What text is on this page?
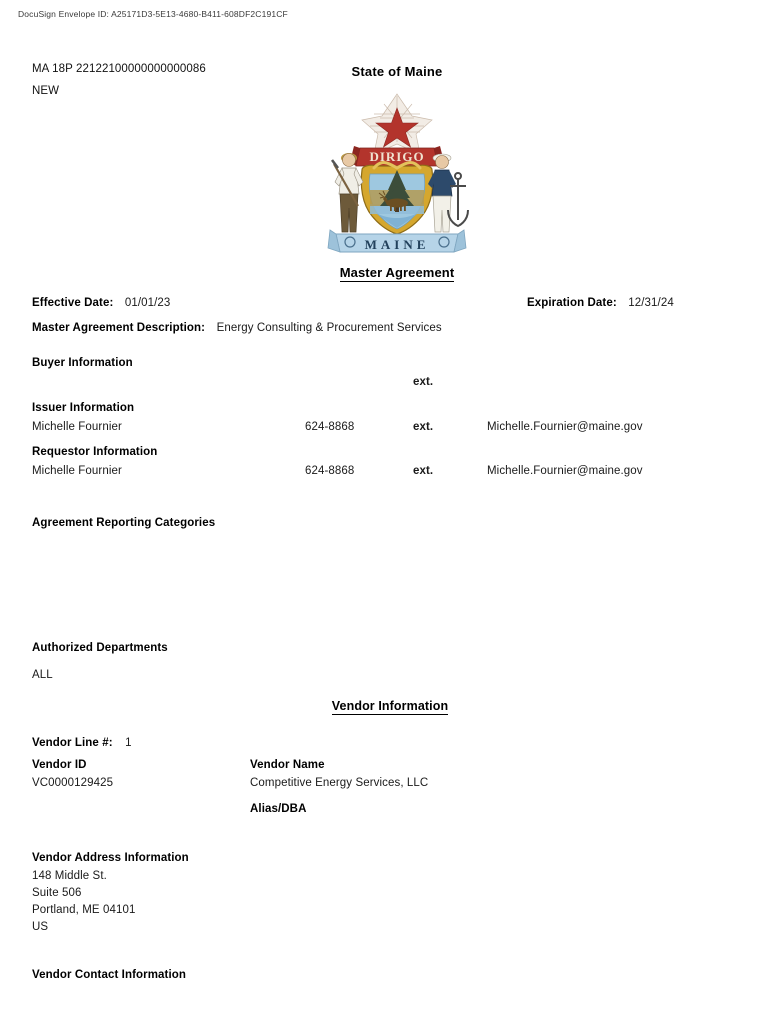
DocuSign Envelope ID: A25171D3-5E13-4680-B411-608DF2C191CF
MA 18P 22122100000000000086
NEW
State of Maine
DIRIGO
MAINE
Master Agreement
Effective Date: 01/01/23	Expiration Date: 12/31/24
Master Agreement Description: Energy Consulting & Procurement Services
Buyer Information
ext.
Issuer Information
Michelle Fournier	624-8868	ext.	Michelle.Fournier@maine.gov
Requestor Information
Michelle Fournier	624-8868	ext.	Michelle.Fournier@maine.gov
Agreement Reporting Categories
Authorized Departments
ALL
Vendor Information
Vendor Line #: 1
Vendor ID
VC0000129425
Vendor Name
Competitive Energy Services, LLC
Alias/DBA
Vendor Address Information
148 Middle St.
Suite 506
Portland, ME 04101
US
Vendor Contact Information
